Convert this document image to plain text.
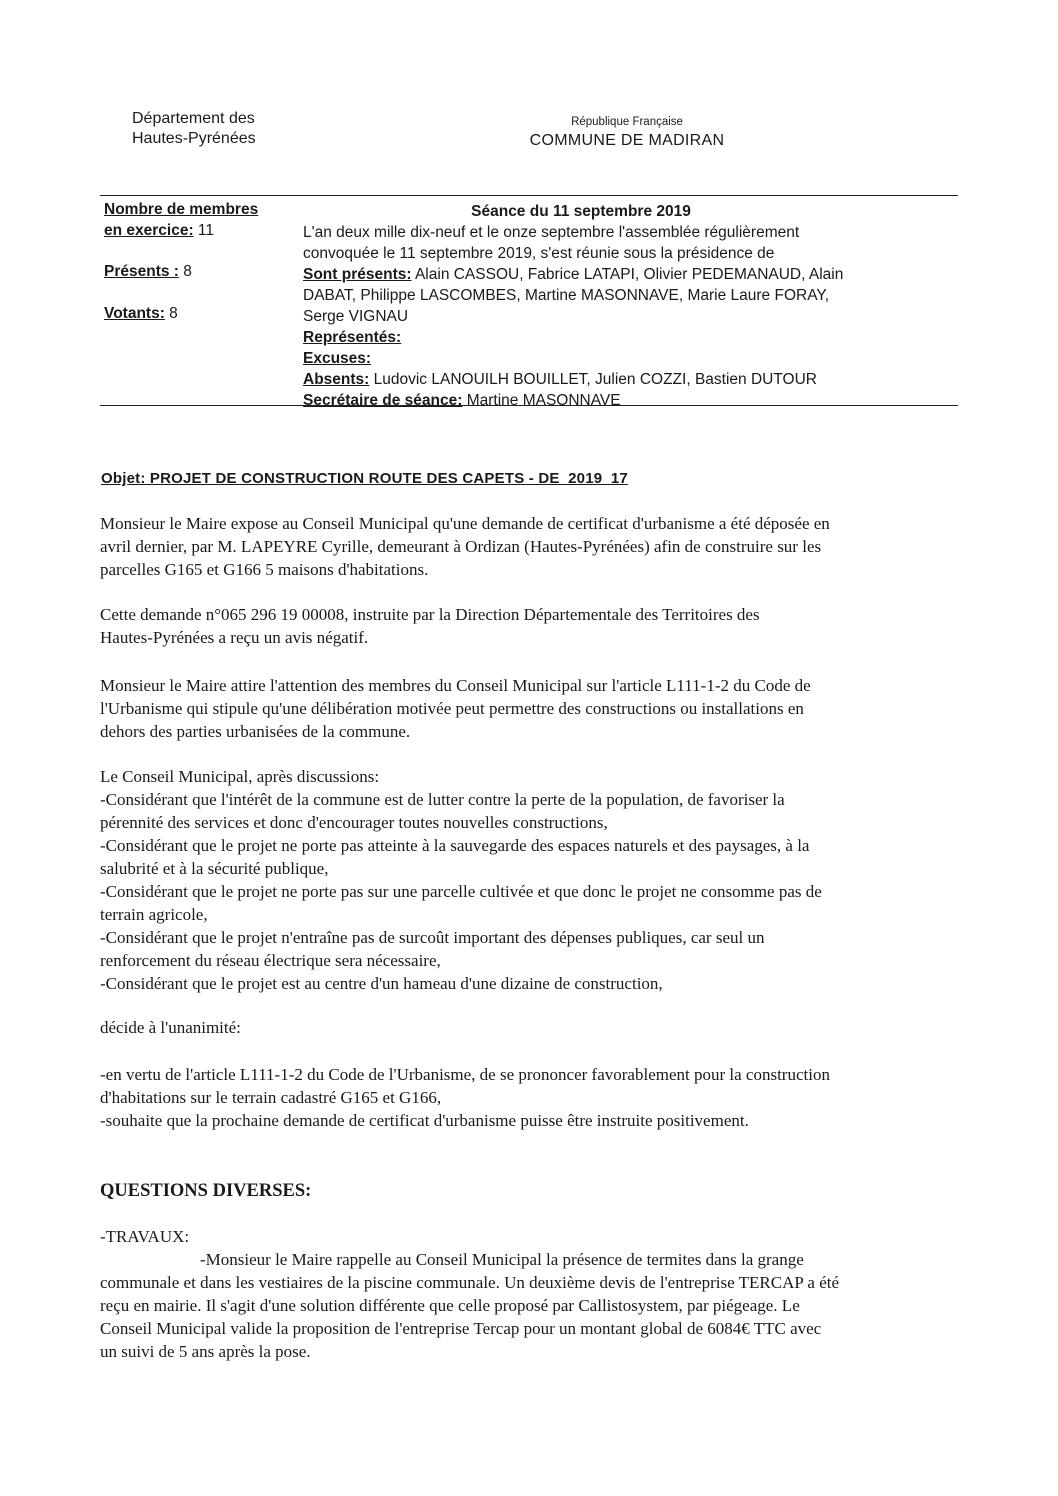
Département des
Hautes-Pyrénées
République Française
COMMUNE DE MADIRAN
Nombre de membres
en exercice: 11
Présents : 8
Votants: 8
Séance du 11 septembre 2019
L'an deux mille dix-neuf et le onze septembre l'assemblée régulièrement
convoquée le 11 septembre 2019, s'est réunie sous la présidence de
Sont présents: Alain CASSOU, Fabrice LATAPI, Olivier PEDEMANAUD, Alain
DABAT, Philippe LASCOMBES, Martine MASONNAVE, Marie Laure FORAY,
Serge VIGNAU
Représentés:
Excuses:
Absents: Ludovic LANOUILH BOUILLET, Julien COZZI, Bastien DUTOUR
Secrétaire de séance: Martine MASONNAVE
Objet: PROJET DE CONSTRUCTION ROUTE DES CAPETS - DE_2019_17

Monsieur le Maire expose au Conseil Municipal qu'une demande de certificat d'urbanisme a été déposée en

avril dernier, par M. LAPEYRE Cyrille, demeurant à Ordizan (Hautes-Pyrénées) afin de construire sur les

parcelles G165 et G166 5 maisons d'habitations.

Cette demande n°065 296 19 00008, instruite par la Direction Départementale des Territoires des

Hautes-Pyrénées a reçu un avis négatif.

Monsieur le Maire attire l'attention des membres du Conseil Municipal sur l'article L111-1-2 du Code de

l'Urbanisme qui stipule qu'une délibération motivée peut permettre des constructions ou installations en

dehors des parties urbanisées de la commune.

Le Conseil Municipal, après discussions:

-Considérant que l'intérêt de la commune est de lutter contre la perte de la population, de favoriser la

pérennité des services et donc d'encourager toutes nouvelles constructions,

-Considérant que le projet ne porte pas atteinte à la sauvegarde des espaces naturels et des paysages, à la

salubrité et à la sécurité publique,

-Considérant que le projet ne porte pas sur une parcelle cultivée et que donc le projet ne consomme pas de

terrain agricole,

-Considérant que le projet n'entraîne pas de surcoût important des dépenses publiques, car seul un

renforcement du réseau électrique sera nécessaire,

-Considérant que le projet est au centre d'un hameau d'une dizaine de construction,

décide à l'unanimité:

-en vertu de l'article L111-1-2 du Code de l'Urbanisme, de se prononcer favorablement pour la construction

d'habitations sur le terrain cadastré G165 et G166,

-souhaite que la prochaine demande de certificat d'urbanisme puisse être instruite positivement.

QUESTIONS DIVERSES:
-TRAVAUX:

-Monsieur le Maire rappelle au Conseil Municipal la présence de termites dans la grange

communale et dans les vestiaires de la piscine communale. Un deuxième devis de l'entreprise TERCAP a été

reçu en mairie. Il s'agit d'une solution différente que celle proposé par Callistosystem, par piégeage. Le

Conseil Municipal valide la proposition de l'entreprise Tercap pour un montant global de 6084€ TTC avec

un suivi de 5 ans après la pose.
